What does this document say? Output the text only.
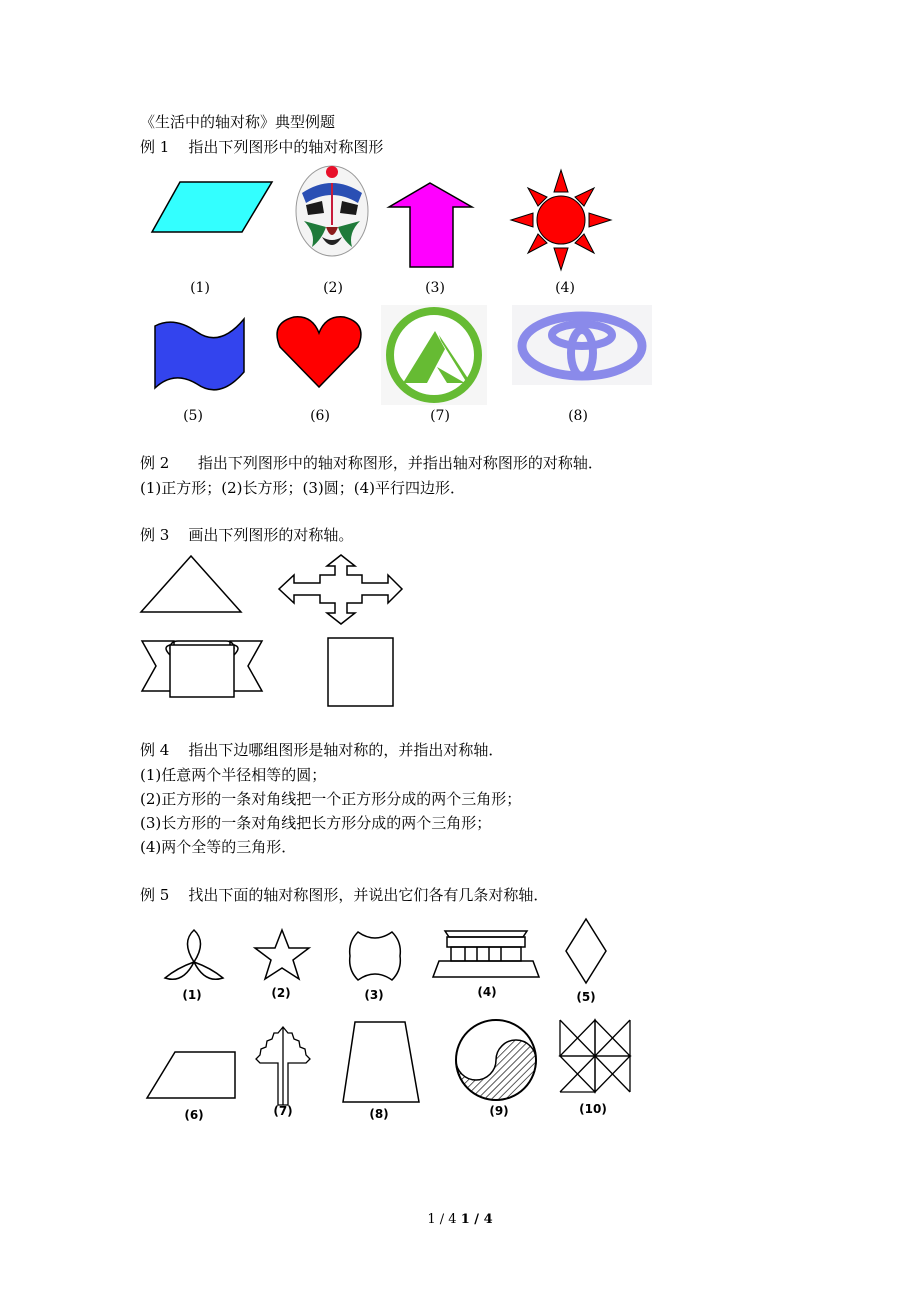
《生活中的轴对称》典型例题
例 1 指出下列图形中的轴对称图形
(1)	(2)	(3)	(4)
(5)	(6)	(7)	(8)
例 2 指出下列图形中的轴对称图形，并指出轴对称图形的对称轴．
(1)正方形；(2)长方形；(3)圆；(4)平行四边形．
例 3 画出下列图形的对称轴。
例 4 指出下边哪组图形是轴对称的，并指出对称轴．
(1)任意两个半径相等的圆；
(2)正方形的一条对角线把一个正方形分成的两个三角形；
(3)长方形的一条对角线把长方形分成的两个三角形；
(4)两个全等的三角形．
例 5 找出下面的轴对称图形，并说出它们各有几条对称轴．
(1)	(2)	(3)	(4)	(5)
(6)	(7)	(8)	(9)	(10)
1 / 4 1 / 4
